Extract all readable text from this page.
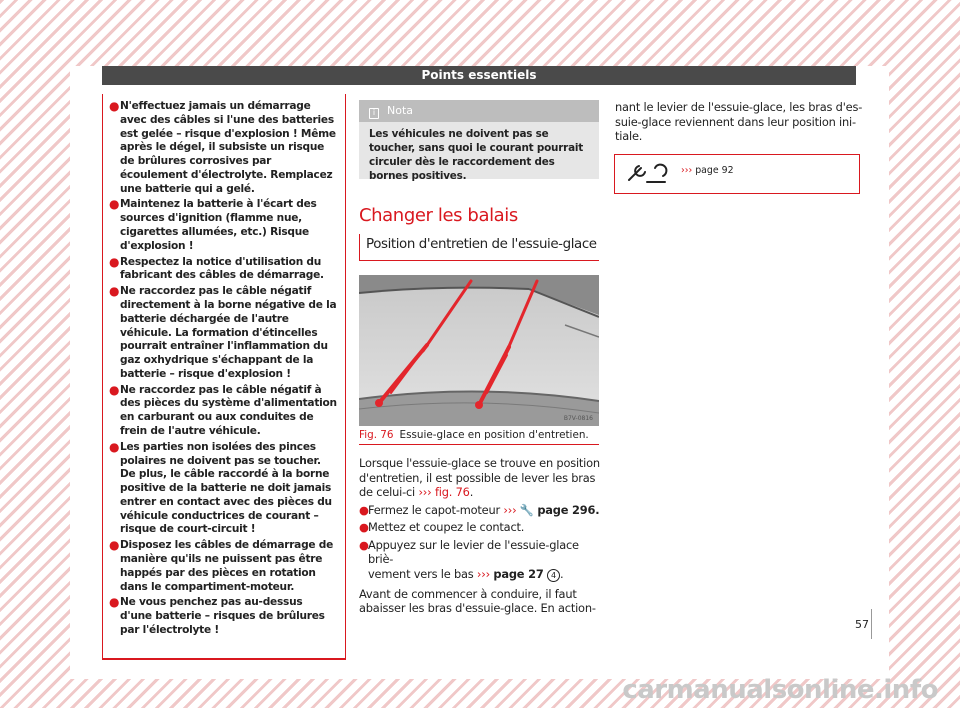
Points essentiels
● N'effectuez jamais un démarrage avec des câbles si l'une des batteries est gelée – risque d'explosion ! Même après le dégel, il subsiste un risque de brûlures corrosives par écoulement d'électrolyte. Remplacez une batterie qui a gelé.
● Maintenez la batterie à l'écart des sources d'ignition (flamme nue, cigarettes allumées, etc.) Risque d'explosion !
● Respectez la notice d'utilisation du fabricant des câbles de démarrage.
● Ne raccordez pas le câble négatif directement à la borne négative de la batterie déchargée de l'autre véhicule. La formation d'étincelles pourrait entraîner l'inflammation du gaz oxhydrique s'échappant de la batterie – risque d'explosion !
● Ne raccordez pas le câble négatif à des pièces du système d'alimentation en carburant ou aux conduites de frein de l'autre véhicule.
● Les parties non isolées des pinces polaires ne doivent pas se toucher. De plus, le câble raccordé à la borne positive de la batterie ne doit jamais entrer en contact avec des pièces du véhicule conductrices de courant – risque de court-circuit !
● Disposez les câbles de démarrage de manière qu'ils ne puissent pas être happés par des pièces en rotation dans le compartiment-moteur.
● Ne vous penchez pas au-dessus d'une batterie – risques de brûlures par l'électrolyte !
i Nota
Les véhicules ne doivent pas se toucher, sans quoi le courant pourrait circuler dès le raccordement des bornes positives.
Changer les balais
Position d'entretien de l'essuie-glace
B7V-0816
Fig. 76 Essuie-glace en position d'entretien.
Lorsque l'essuie-glace se trouve en position
d'entretien, il est possible de lever les bras
de celui-ci ››› fig. 76.
● Fermez le capot-moteur ››› 🔧 page 296.
● Mettez et coupez le contact.
● Appuyez sur le levier de l'essuie-glace briè-
vement vers le bas ››› page 27 4 .
Avant de commencer à conduire, il faut
abaisser les bras d'essuie-glace. En action-
nant le levier de l'essuie-glace, les bras d'es-
suie-glace reviennent dans leur position ini-
tiale.
››› page 92
57
carmanualsonline.info
